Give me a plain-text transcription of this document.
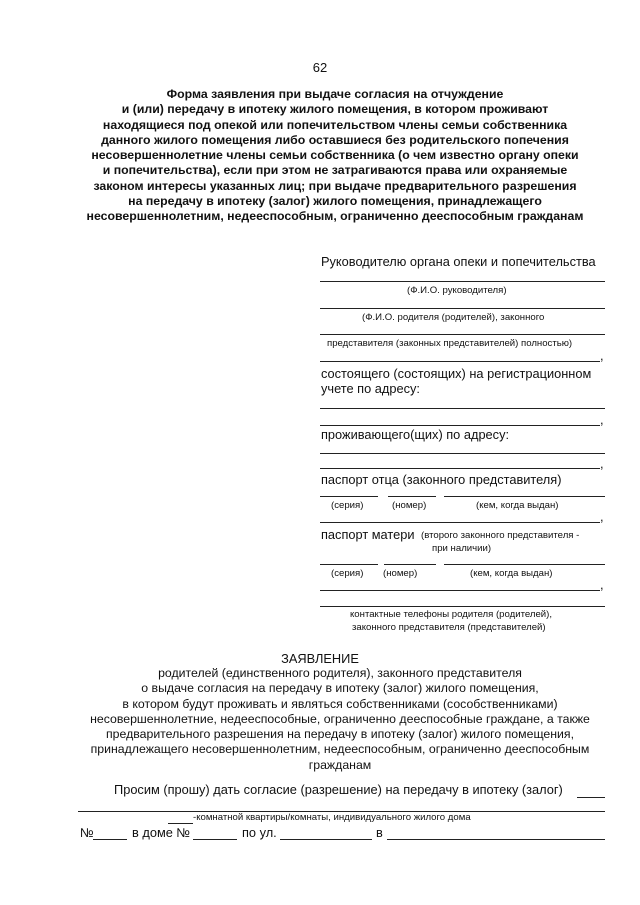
62
Форма заявления при выдаче согласия на отчуждение
и (или) передачу в ипотеку жилого помещения, в котором проживают
находящиеся под опекой или попечительством члены семьи собственника
данного жилого помещения либо оставшиеся без родительского попечения
несовершеннолетние члены семьи собственника (о чем известно органу опеки
и попечительства), если при этом не затрагиваются права или охраняемые
законом интересы указанных лиц; при выдаче предварительного разрешения
на передачу в ипотеку (залог) жилого помещения, принадлежащего
несовершеннолетним, недееспособным, ограниченно дееспособным гражданам
Руководителю органа опеки и попечительства
(Ф.И.О. руководителя)
(Ф.И.О. родителя (родителей), законного
представителя (законных представителей) полностью)
,
состоящего (состоящих) на регистрационном
учете по адресу:
,
проживающего(щих) по адресу:
,
паспорт отца (законного представителя)
(серия)	(номер)	(кем, когда выдан)
,
паспорт матери (второго законного представителя -
при наличии)
(серия) (номер)	(кем, когда выдан)
,
контактные телефоны родителя (родителей),
законного представителя (представителей)
ЗАЯВЛЕНИЕ
родителей (единственного родителя), законного представителя
о выдаче согласия на передачу в ипотеку (залог) жилого помещения,
в котором будут проживать и являться собственниками (сособственниками)
несовершеннолетние, недееспособные, ограниченно дееспособные граждане, а также
предварительного разрешения на передачу в ипотеку (залог) жилого помещения,
принадлежащего несовершеннолетним, недееспособным, ограниченно дееспособным
гражданам
Просим (прошу) дать согласие (разрешение) на передачу в ипотеку (залог)
-комнатной квартиры/комнаты, индивидуального жилого дома
№	в доме №	по ул.	в
